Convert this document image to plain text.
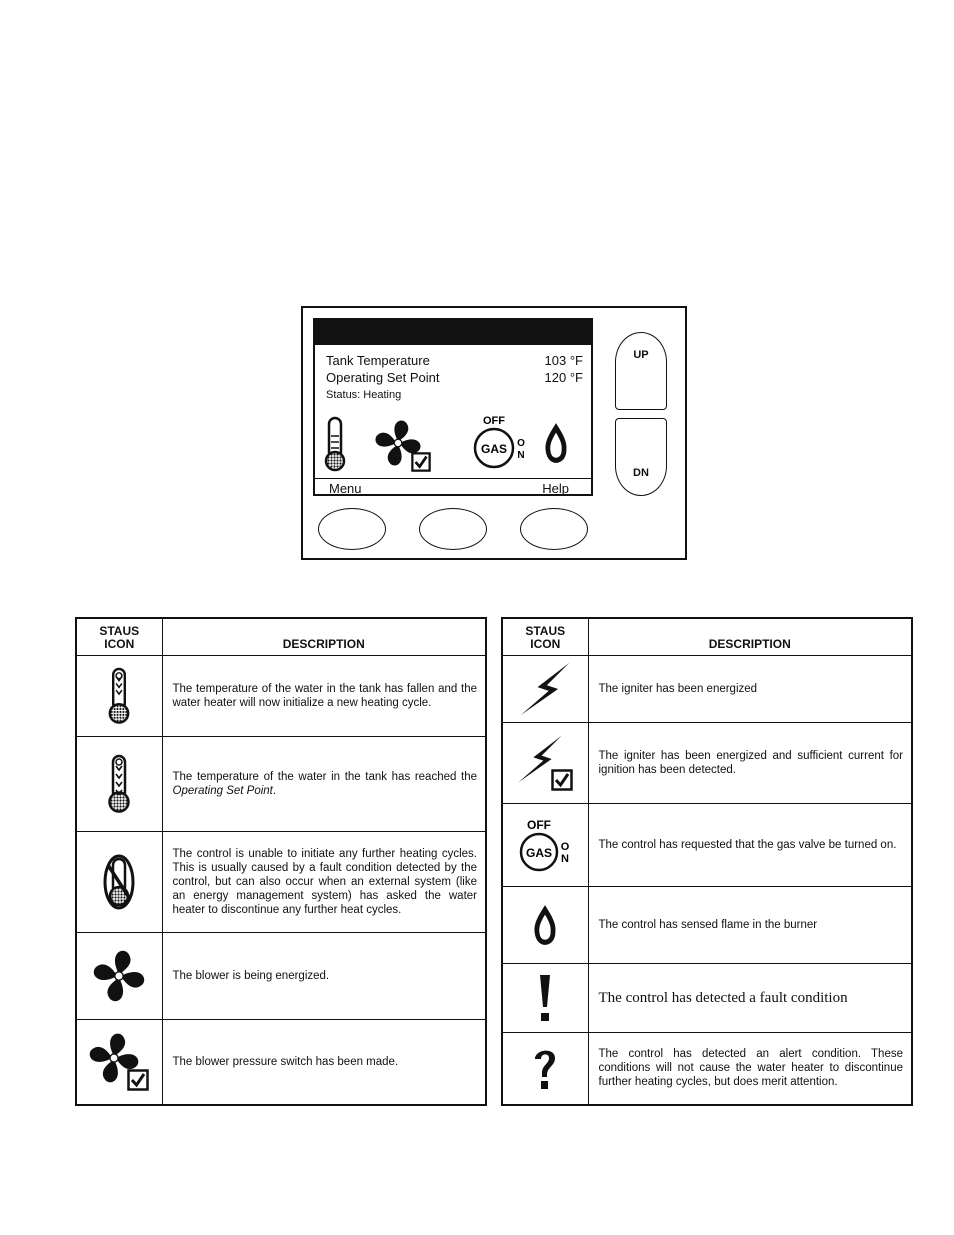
Tank Temperature	103 °F
Operating Set Point	120 °F
Status: Heating
OFF
GAS O
N
Menu	Help
UP
DN
STAUS
ICON	DESCRIPTION

	The temperature of the water in the tank has fallen and the water heater will now initialize a new heating cycle.

	The temperature of the water in the tank has reached the Operating Set Point.

	The control is unable to initiate any further heating cycles. This is usually caused by a fault condition detected by the control, but can also occur when an external system (like an energy management system) has asked the water heater to discontinue any further heat cycles.

	The blower is being energized.

	The blower pressure switch has been made.
STAUS
ICON	DESCRIPTION

	The igniter has been energized

	The igniter has been energized and sufficient current for ignition has been detected.

OFF
GAS O
N	The control has requested that the gas valve be turned on.

	The control has sensed flame in the burner

	The control has detected a fault condition

	The control has detected an alert condition. These conditions will not cause the water heater to discontinue further heating cycles, but does merit attention.
